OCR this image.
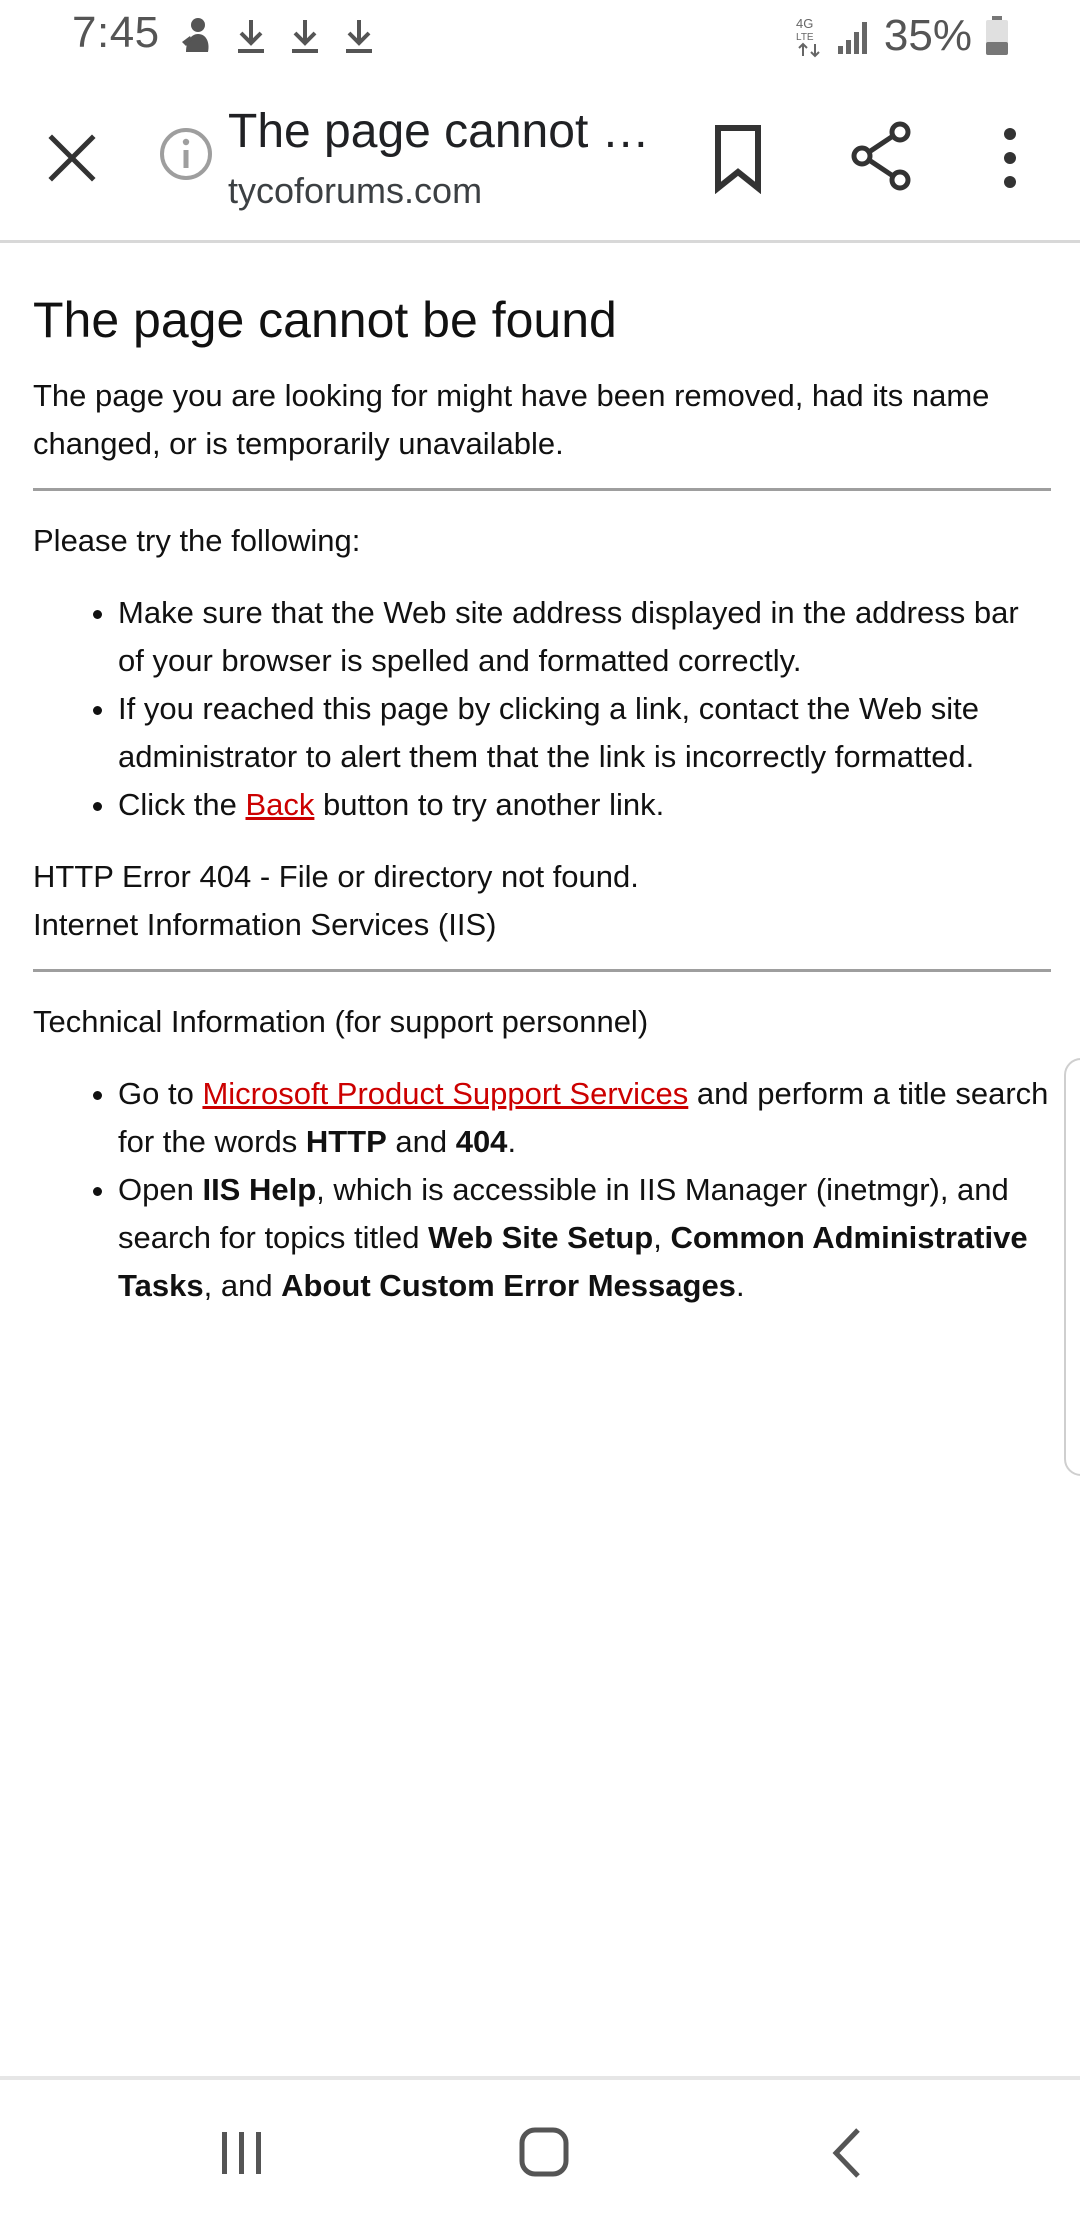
7:45	4G
LTE 35%
The page cannot …
tycoforums.com
The page cannot be found

The page you are looking for might have been removed, had its name changed, or is temporarily unavailable.

Please try the following:

• Make sure that the Web site address displayed in the address bar of your browser is spelled and formatted correctly.
• If you reached this page by clicking a link, contact the Web site administrator to alert them that the link is incorrectly formatted.
• Click the Back button to try another link.

HTTP Error 404 - File or directory not found.

Internet Information Services (IIS)

Technical Information (for support personnel)

• Go to Microsoft Product Support Services and perform a title search for the words HTTP and 404.
• Open IIS Help, which is accessible in IIS Manager (inetmgr), and search for topics titled Web Site Setup, Common Administrative Tasks, and About Custom Error Messages.
